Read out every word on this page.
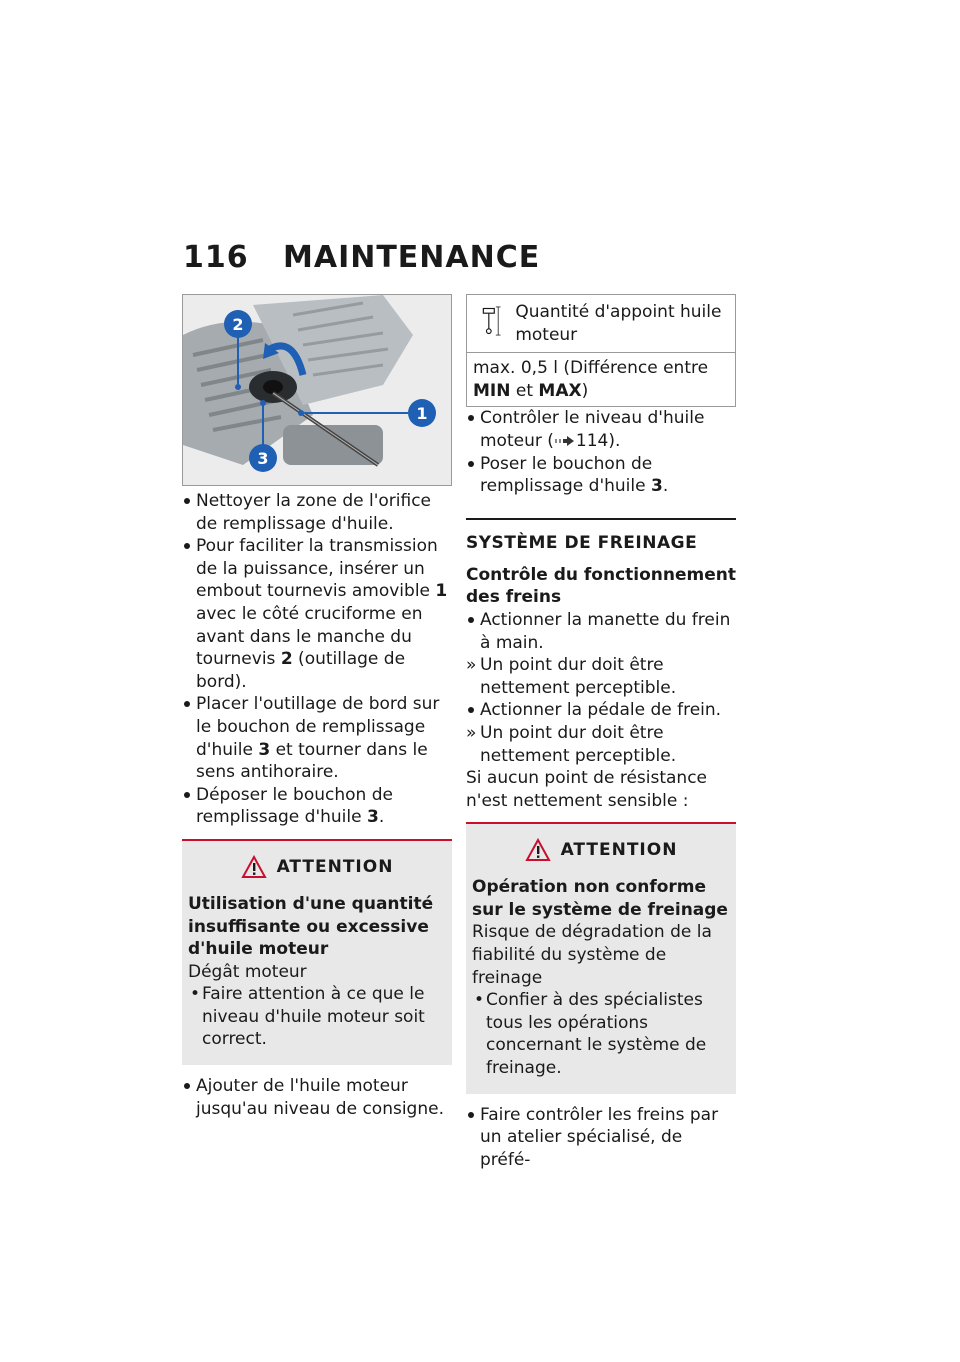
116 MAINTENANCE
2
1
3
Nettoyer la zone de l'orifice de remplissage d'huile.
Pour faciliter la transmission de la puissance, insérer un embout tournevis amovible 1 avec le côté cruciforme en avant dans le manche du tournevis 2 (outillage de bord).
Placer l'outillage de bord sur le bouchon de remplissage d'huile 3 et tourner dans le sens antihoraire.
Déposer le bouchon de remplissage d'huile 3.
ATTENTION
Utilisation d'une quantité insuffisante ou excessive d'huile moteur
Dégât moteur
• Faire attention à ce que le niveau d'huile moteur soit correct.
Ajouter de l'huile moteur jusqu'au niveau de consigne.
Quantité d'appoint huile moteur
max. 0,5 l (Différence entre MIN et MAX)
Contrôler le niveau d'huile moteur ( 114).
Poser le bouchon de remplissage d'huile 3.
SYSTÈME DE FREINAGE
Contrôle du fonctionnement des freins
Actionner la manette du frein à main.
» Un point dur doit être nettement perceptible.
Actionner la pédale de frein.
» Un point dur doit être nettement perceptible.
Si aucun point de résistance n'est nettement sensible :
ATTENTION
Opération non conforme sur le système de freinage
Risque de dégradation de la fiabilité du système de freinage
• Confier à des spécialistes tous les opérations concernant le système de freinage.
Faire contrôler les freins par un atelier spécialisé, de préfé-
